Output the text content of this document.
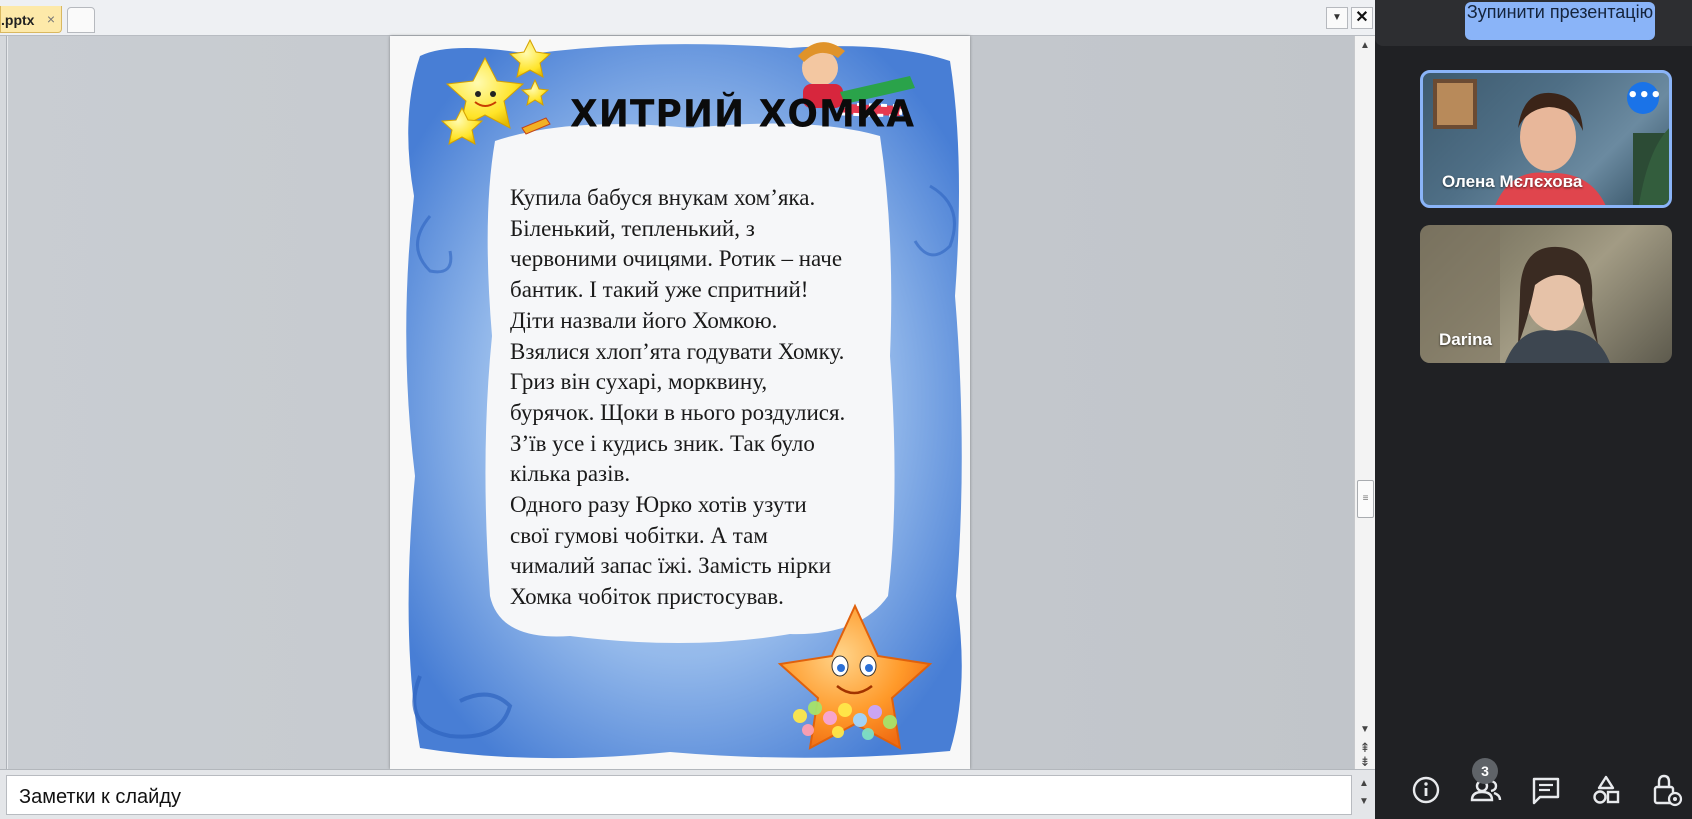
.pptx ×	▼ ✕
ХИТРИЙ ХОМКА
Купила бабуся внукам хом’яка.
Біленький, тепленький, з
червоними очицями. Ротик – наче
бантик. І такий уже спритний!
Діти назвали його Хомкою.
Взялися хлоп’ята годувати Хомку.
Гриз він сухарі, морквину,
бурячок. Щоки в нього роздулися.
З’їв усе і кудись зник. Так було
кілька разів.
Одного разу Юрко хотів узути
свої гумові чобітки. А там
чималий запас їжі. Замість нірки
Хомка чобіток пристосував.
▲
≡
▼
⇞
⇟
Заметки к слайду
▲
▼
Зупинити презентацію
•••
Олена Мєлєхова
Darina
3
